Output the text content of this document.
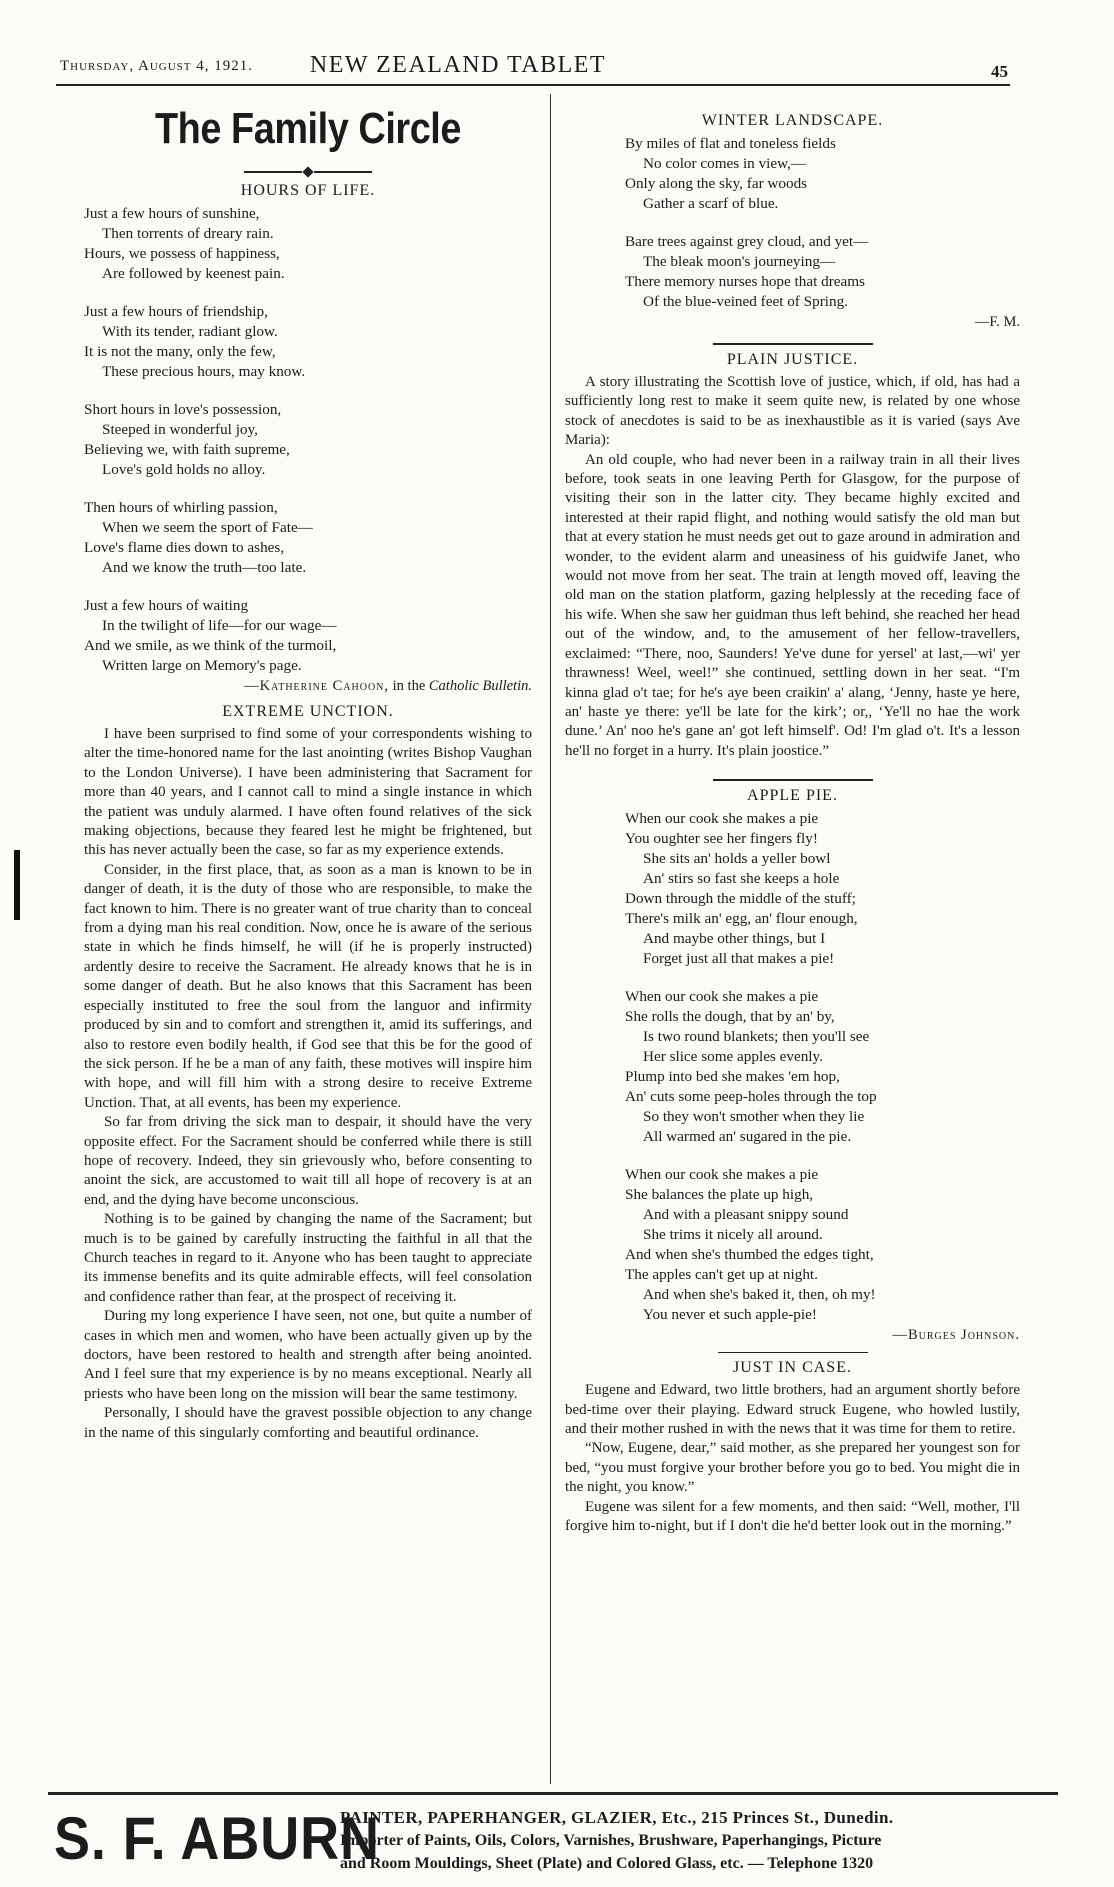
Thursday, August 4, 1921.	NEW ZEALAND TABLET	45
The Family Circle
HOURS OF LIFE.
Just a few hours of sunshine,
Then torrents of dreary rain.
Hours, we possess of happiness,
Are followed by keenest pain.
Just a few hours of friendship,
With its tender, radiant glow.
It is not the many, only the few,
These precious hours, may know.
Short hours in love's possession,
Steeped in wonderful joy,
Believing we, with faith supreme,
Love's gold holds no alloy.
Then hours of whirling passion,
When we seem the sport of Fate—
Love's flame dies down to ashes,
And we know the truth—too late.
Just a few hours of waiting
In the twilight of life—for our wage—
And we smile, as we think of the turmoil,
Written large on Memory's page.
—Katherine Cahoon, in the Catholic Bulletin.
EXTREME UNCTION.

I have been surprised to find some of your correspondents wishing to alter the time-honored name for the last anointing (writes Bishop Vaughan to the London Universe). I have been administering that Sacrament for more than 40 years, and I cannot call to mind a single instance in which the patient was unduly alarmed. I have often found relatives of the sick making objections, because they feared lest he might be frightened, but this has never actually been the case, so far as my experience extends.

Consider, in the first place, that, as soon as a man is known to be in danger of death, it is the duty of those who are responsible, to make the fact known to him. There is no greater want of true charity than to conceal from a dying man his real condition. Now, once he is aware of the serious state in which he finds himself, he will (if he is properly instructed) ardently desire to receive the Sacrament. He already knows that he is in some danger of death. But he also knows that this Sacrament has been especially instituted to free the soul from the languor and infirmity produced by sin and to comfort and strengthen it, amid its sufferings, and also to restore even bodily health, if God see that this be for the good of the sick person. If he be a man of any faith, these motives will inspire him with hope, and will fill him with a strong desire to receive Extreme Unction. That, at all events, has been my experience.

So far from driving the sick man to despair, it should have the very opposite effect. For the Sacrament should be conferred while there is still hope of recovery. Indeed, they sin grievously who, before consenting to anoint the sick, are accustomed to wait till all hope of recovery is at an end, and the dying have become unconscious.

Nothing is to be gained by changing the name of the Sacrament; but much is to be gained by carefully instructing the faithful in all that the Church teaches in regard to it. Anyone who has been taught to appreciate its immense benefits and its quite admirable effects, will feel consolation and confidence rather than fear, at the prospect of receiving it.

During my long experience I have seen, not one, but quite a number of cases in which men and women, who have been actually given up by the doctors, have been restored to health and strength after being anointed. And I feel sure that my experience is by no means exceptional. Nearly all priests who have been long on the mission will bear the same testimony.

Personally, I should have the gravest possible objection to any change in the name of this singularly comforting and beautiful ordinance.

WINTER LANDSCAPE.
By miles of flat and toneless fields
No color comes in view,—
Only along the sky, far woods
Gather a scarf of blue.
Bare trees against grey cloud, and yet—
The bleak moon's journeying—
There memory nurses hope that dreams
Of the blue-veined feet of Spring.
—F. M.
PLAIN JUSTICE.

A story illustrating the Scottish love of justice, which, if old, has had a sufficiently long rest to make it seem quite new, is related by one whose stock of anecdotes is said to be as inexhaustible as it is varied (says Ave Maria):

An old couple, who had never been in a railway train in all their lives before, took seats in one leaving Perth for Glasgow, for the purpose of visiting their son in the latter city. They became highly excited and interested at their rapid flight, and nothing would satisfy the old man but that at every station he must needs get out to gaze around in admiration and wonder, to the evident alarm and uneasiness of his guidwife Janet, who would not move from her seat. The train at length moved off, leaving the old man on the station platform, gazing helplessly at the receding face of his wife. When she saw her guidman thus left behind, she reached her head out of the window, and, to the amusement of her fellow-travellers, exclaimed: “There, noo, Saunders! Ye've dune for yersel' at last,—wi' yer thrawness! Weel, weel!” she continued, settling down in her seat. “I'm kinna glad o't tae; for he's aye been craikin' a' alang, ‘Jenny, haste ye here, an' haste ye there: ye'll be late for the kirk’; or,, ‘Ye'll no hae the work dune.’ An' noo he's gane an' got left himself'. Od! I'm glad o't. It's a lesson he'll no forget in a hurry. It's plain joostice.”

APPLE PIE.
When our cook she makes a pie
You oughter see her fingers fly!
She sits an' holds a yeller bowl
An' stirs so fast she keeps a hole
Down through the middle of the stuff;
There's milk an' egg, an' flour enough,
And maybe other things, but I
Forget just all that makes a pie!
When our cook she makes a pie
She rolls the dough, that by an' by,
Is two round blankets; then you'll see
Her slice some apples evenly.
Plump into bed she makes 'em hop,
An' cuts some peep-holes through the top
So they won't smother when they lie
All warmed an' sugared in the pie.
When our cook she makes a pie
She balances the plate up high,
And with a pleasant snippy sound
She trims it nicely all around.
And when she's thumbed the edges tight,
The apples can't get up at night.
And when she's baked it, then, oh my!
You never et such apple-pie!
—Burges Johnson.
JUST IN CASE.

Eugene and Edward, two little brothers, had an argument shortly before bed-time over their playing. Edward struck Eugene, who howled lustily, and their mother rushed in with the news that it was time for them to retire.

“Now, Eugene, dear,” said mother, as she prepared her youngest son for bed, “you must forgive your brother before you go to bed. You might die in the night, you know.”

Eugene was silent for a few moments, and then said: “Well, mother, I'll forgive him to-night, but if I don't die he'd better look out in the morning.”

S. F. ABURN
PAINTER, PAPERHANGER, GLAZIER, Etc., 215 Princes St., Dunedin.
Importer of Paints, Oils, Colors, Varnishes, Brushware, Paperhangings, Picture
and Room Mouldings, Sheet (Plate) and Colored Glass, etc. — Telephone 1320
